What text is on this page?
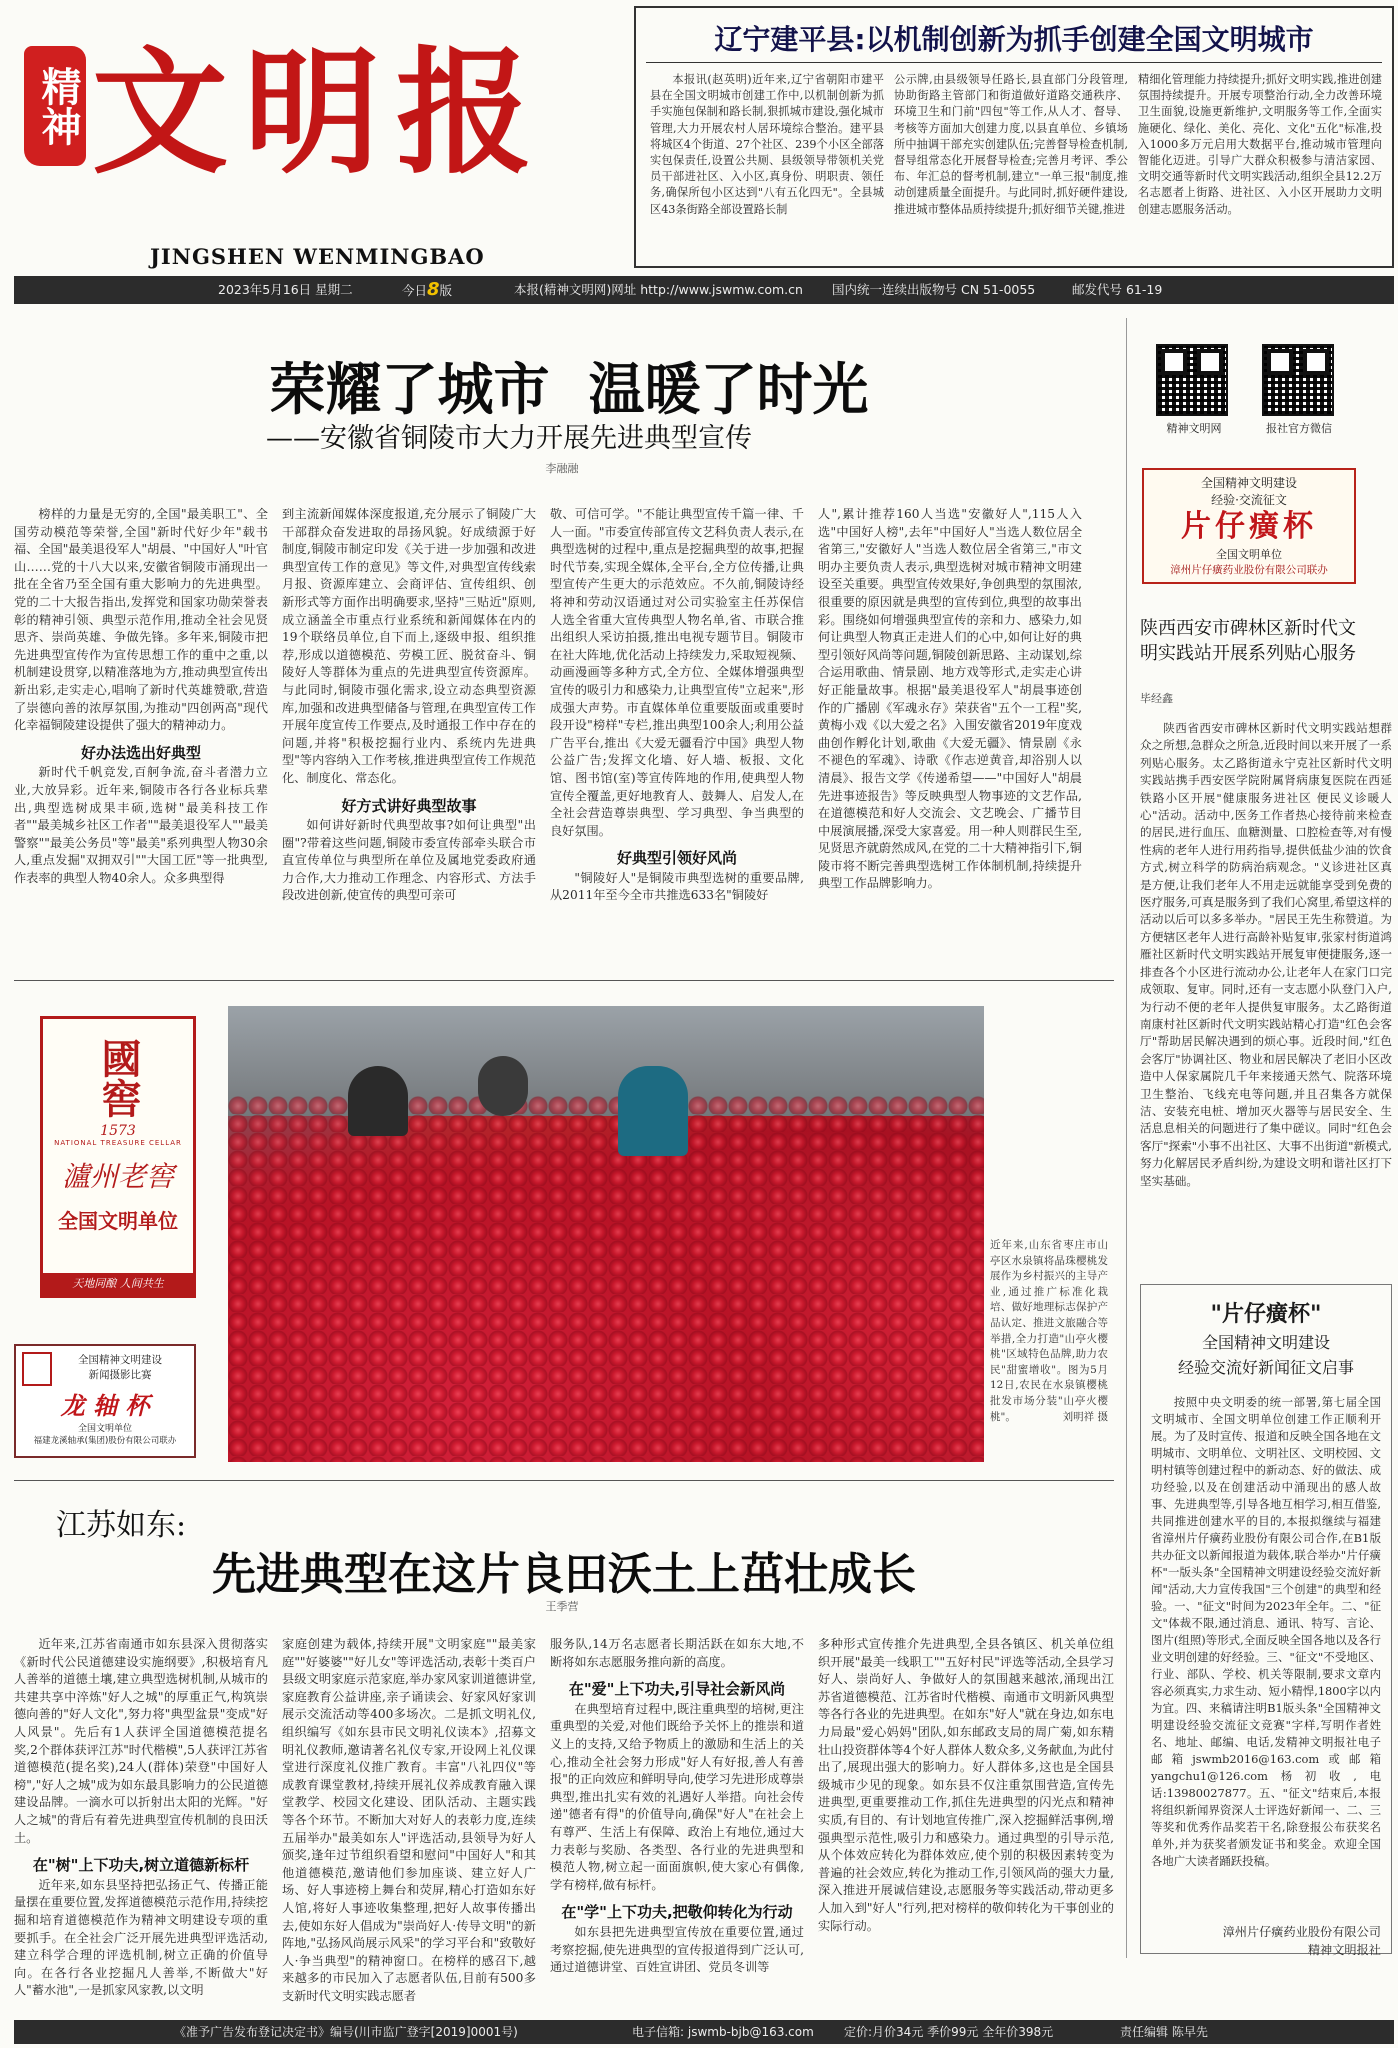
精神 文明报
JINGSHEN WENMINGBAO
辽宁建平县:以机制创新为抓手创建全国文明城市

本报讯(赵英明)近年来,辽宁省朝阳市建平县在全国文明城市创建工作中,以机制创新为抓手实施包保制和路长制,狠抓城市建设,强化城市管理,大力开展农村人居环境综合整治。建平县将城区4个街道、27个社区、239个小区全部落实包保责任,设置公共厕、县级领导带领机关党员干部进社区、入小区,真身份、明职责、领任务,确保所包小区达到"八有五化四无"。全县城区43条街路全部设置路长制

公示牌,由县级领导任路长,县直部门分段管理,协助街路主管部门和街道做好道路交通秩序、环境卫生和门前"四包"等工作,从人才、督导、考核等方面加大创建力度,以县直单位、乡镇场所中抽调干部充实创建队伍;完善督导检查机制,督导组常态化开展督导检查;完善月考评、季公布、年汇总的督考机制,建立"一单三报"制度,推动创建质量全面提升。与此同时,抓好硬件建设,推进城市整体品质持续提升;抓好细节关键,推进

精细化管理能力持续提升;抓好文明实践,推进创建氛围持续提升。开展专项整治行动,全力改善环境卫生面貌,设施更新维护,文明服务等工作,全面实施硬化、绿化、美化、亮化、文化"五化"标准,投入1000多万元启用大数据平台,推动城市管理向智能化迈进。引导广大群众积极参与清洁家园、文明交通等新时代文明实践活动,组织全县12.2万名志愿者上街路、进社区、入小区开展助力文明创建志愿服务活动。

2023年5月16日 星期二	今日8版	本报(精神文明网)网址 http://www.jswmw.com.cn 国内统一连续出版物号 CN 51-0055	邮发代号 61-19
精神文明网	报社官方微信
全国精神文明建设
经验·交流征文
片仔癀杯
全国文明单位
漳州片仔癀药业股份有限公司联办
陕西西安市碑林区新时代文明实践站开展系列贴心服务
毕经鑫

陕西省西安市碑林区新时代文明实践站想群众之所想,急群众之所急,近段时间以来开展了一系列贴心服务。太乙路街道永宁克社区新时代文明实践站携手西安医学院附属肾病康复医院在西延铁路小区开展"健康服务进社区 便民义诊暖人心"活动。活动中,医务工作者热心接待前来检查的居民,进行血压、血糖测量、口腔检查等,对有慢性病的老年人进行用药指导,提供低盐少油的饮食方式,树立科学的防病治病观念。"义诊进社区真是方便,让我们老年人不用走远就能享受到免费的医疗服务,可真是服务到了我们心窝里,希望这样的活动以后可以多多举办。"居民王先生称赞道。为方便辖区老年人进行高龄补贴复审,张家村街道鸿雁社区新时代文明实践站开展复审便捷服务,逐一排查各个小区进行流动办公,让老年人在家门口完成领取、复审。同时,还有一支志愿小队登门入户,为行动不便的老年人提供复审服务。太乙路街道南康村社区新时代文明实践站精心打造"红色会客厅"帮助居民解决遇到的烦心事。近段时间,"红色会客厅"协调社区、物业和居民解决了老旧小区改造中人保家属院几千年来接通天然气、院落环境卫生整治、飞线充电等问题,并且召集各方就保洁、安装充电桩、增加灭火器等与居民安全、生活息息相关的问题进行了集中磋议。同时"红色会客厅"探索"小事不出社区、大事不出街道"新模式,努力化解居民矛盾纠纷,为建设文明和谐社区打下坚实基础。

"片仔癀杯"
全国精神文明建设
经验交流好新闻征文启事

按照中央文明委的统一部署,第七届全国文明城市、全国文明单位创建工作正顺利开展。为了及时宣传、报道和反映全国各地在文明城市、文明单位、文明社区、文明校园、文明村镇等创建过程中的新动态、好的做法、成功经验,以及在创建活动中涌现出的感人故事、先进典型等,引导各地互相学习,相互借鉴,共同推进创建水平的目的,本报拟继续与福建省漳州片仔癀药业股份有限公司合作,在B1版共办征文以新闻报道为载体,联合举办"片仔癀杯"一版头条"全国精神文明建设经验交流好新闻"活动,大力宣传我国"三个创建"的典型和经验。一、"征文"时间为2023年全年。二、"征文"体裁不限,通过消息、通讯、特写、言论、图片(组照)等形式,全面反映全国各地以及各行业文明创建的好经验。三、"征文"不受地区、行业、部队、学校、机关等限制,要求文章内容必须真实,力求生动、短小精悍,1800字以内为宜。四、来稿请注明B1版头条"全国精神文明建设经验交流征文竞赛"字样,写明作者姓名、地址、邮编、电话,发精神文明报社电子邮箱jswmb2016@163.com或邮箱yangchu1@126.com杨初收,电话:13980027877。五、"征文"结束后,本报将组织新闻界资深人士评选好新闻一、二、三等奖和优秀作品奖若干名,除登报公布获奖名单外,并为获奖者颁发证书和奖金。欢迎全国各地广大读者踊跃投稿。

漳州片仔癀药业股份有限公司
精神文明报社
荣耀了城市  温暖了时光
——安徽省铜陵市大力开展先进典型宣传
李融融

榜样的力量是无穷的,全国"最美职工"、全国劳动模范等荣誉,全国"新时代好少年"载书福、全国"最美退役军人"胡晨、"中国好人"叶官山……党的十八大以来,安徽省铜陵市涌现出一批在全省乃至全国有重大影响力的先进典型。党的二十大报告指出,发挥党和国家功勋荣誉表彰的精神引领、典型示范作用,推动全社会见贤思齐、崇尚英雄、争做先锋。多年来,铜陵市把先进典型宣传作为宣传思想工作的重中之重,以机制建设贯穿,以精准落地为方,推动典型宣传出新出彩,走实走心,唱响了新时代英雄赞歌,营造了崇德向善的浓厚氛围,为推动"四创两高"现代化幸福铜陵建设提供了强大的精神动力。

好办法选出好典型

新时代千帆竞发,百舸争流,奋斗者潜力立业,大放异彩。近年来,铜陵市各行各业标兵辈出,典型选树成果丰硕,选树"最美科技工作者""最美城乡社区工作者""最美退役军人""最美警察""最美公务员"等"最美"系列典型人物30余人,重点发掘"双拥双引""大国工匠"等一批典型,作表率的典型人物40余人。众多典型得

到主流新闻媒体深度报道,充分展示了铜陵广大干部群众奋发进取的昂扬风貌。好成绩源于好制度,铜陵市制定印发《关于进一步加强和改进典型宣传工作的意见》等文件,对典型宣传线索月报、资源库建立、会商评估、宣传组织、创新形式等方面作出明确要求,坚持"三贴近"原则,成立涵盖全市重点行业系统和新闻媒体在内的19个联络员单位,自下而上,逐级申报、组织推荐,形成以道德模范、劳模工匠、脱贫奋斗、铜陵好人等群体为重点的先进典型宣传资源库。与此同时,铜陵市强化需求,设立动态典型资源库,加强和改进典型储备与管理,在典型宣传工作开展年度宣传工作要点,及时通报工作中存在的问题,并将"积极挖掘行业内、系统内先进典型"等内容纳入工作考核,推进典型宣传工作规范化、制度化、常态化。

好方式讲好典型故事

如何讲好新时代典型故事?如何让典型"出圈"?带着这些问题,铜陵市委宣传部牵头联合市直宣传单位与典型所在单位及属地党委政府通力合作,大力推动工作理念、内容形式、方法手段改进创新,使宣传的典型可亲可

敬、可信可学。"不能让典型宣传千篇一律、千人一面。"市委宣传部宣传文艺科负责人表示,在典型选树的过程中,重点是挖掘典型的故事,把握时代节奏,实现全媒体,全平台,全方位传播,让典型宣传产生更大的示范效应。不久前,铜陵诗经将神和劳动汉语通过对公司实验室主任苏保信人选全省重大宣传典型人物名单,省、市联合推出组织人采访拍摄,推出电视专题节目。铜陵市在社大阵地,优化活动上持续发力,采取短视频、动画漫画等多种方式,全方位、全媒体增强典型宣传的吸引力和感染力,让典型宣传"立起来",形成强大声势。市直媒体单位重要版面或重要时段开设"榜样"专栏,推出典型100余人;利用公益广告平台,推出《大爱无疆看泞中国》典型人物公益广告;发挥文化墙、好人墙、板报、文化馆、图书馆(室)等宣传阵地的作用,使典型人物宣传全覆盖,更好地教育人、鼓舞人、启发人,在全社会营造尊崇典型、学习典型、争当典型的良好氛围。

好典型引领好风尚

"铜陵好人"是铜陵市典型选树的重要品牌,从2011年至今全市共推选633名"铜陵好

人",累计推荐160人当选"安徽好人",115人入选"中国好人榜",去年"中国好人"当选人数位居全省第三,"安徽好人"当选人数位居全省第三,"市文明办主要负责人表示,典型选树对城市精神文明建设至关重要。典型宣传效果好,争创典型的氛围浓,很重要的原因就是典型的宣传到位,典型的故事出彩。围绕如何增强典型宣传的亲和力、感染力,如何让典型人物真正走进人们的心中,如何让好的典型引领好风尚等问题,铜陵创新思路、主动谋划,综合运用歌曲、情景剧、地方戏等形式,走实走心讲好正能量故事。根据"最美退役军人"胡晨事迹创作的广播剧《军魂永存》荣获省"五个一工程"奖,黄梅小戏《以大爱之名》入围安徽省2019年度戏曲创作孵化计划,歌曲《大爱无疆》、情景剧《永不褪色的军魂》、诗歌《作志逆黄音,却浴别人以清晨》、报告文学《传递希望——"中国好人"胡晨先进事迹报告》等反映典型人物事迹的文艺作品,在道德模范和好人交流会、文艺晚会、广播节目中展演展播,深受大家喜爱。用一种人则群民生至,见贤思齐就蔚然成风,在党的二十大精神指引下,铜陵市将不断完善典型选树工作体制机制,持续提升典型工作品牌影响力。

國窖
1573
NATIONAL TREASURE CELLAR
瀘州老窖
全国文明单位
天地同酿 人间共生
全国精神文明建设
新闻摄影比赛
龙 轴 杯
全国文明单位
福建龙溪轴承(集团)股份有限公司联办
近年来,山东省枣庄市山亭区水泉镇将晶珠樱桃发展作为乡村振兴的主导产业,通过推广标准化栽培、做好地理标志保护产品认定、推进文旅融合等举措,全力打造"山亭火樱桃"区域特色品牌,助力农民"甜蜜增收"。图为5月12日,农民在水泉镇樱桃批发市场分装"山亭火樱桃"。	刘明祥 摄
江苏如东:
先进典型在这片良田沃土上茁壮成长
王季营

近年来,江苏省南通市如东县深入贯彻落实《新时代公民道德建设实施纲要》,积极培育凡人善举的道德土壤,建立典型选树机制,从城市的共建共享中淬炼"好人之城"的厚重正气,构筑崇德向善的"好人文化",努力将"典型盆景"变成"好人风景"。先后有1人获评全国道德模范提名奖,2个群体获评江苏"时代楷模",5人获评江苏省道德模范(提名奖),24人(群体)荣登"中国好人榜","好人之城"成为如东最具影响力的公民道德建设品牌。一滴水可以折射出太阳的光辉。"好人之城"的背后有着先进典型宣传机制的良田沃土。

在"树"上下功夫,树立道德新标杆

近年来,如东县坚持把弘扬正气、传播正能量摆在重要位置,发挥道德模范示范作用,持续挖掘和培育道德模范作为精神文明建设专项的重要抓手。在全社会广泛开展先进典型评选活动,建立科学合理的评选机制,树立正确的价值导向。在各行各业挖掘凡人善举,不断做大"好人"蓄水池",一是抓家风家教,以文明

家庭创建为载体,持续开展"文明家庭""最美家庭""好婆婆""好儿女"等评选活动,表彰十类百户县级文明家庭示范家庭,举办家风家训道德讲堂,家庭教育公益讲座,亲子诵读会、好家风好家训展示交流活动等400多场次。二是抓文明礼仪,组织编写《如东县市民文明礼仪读本》,招募文明礼仪教师,邀请著名礼仪专家,开设网上礼仪课堂进行深度礼仪推广教育。丰富"八礼四仪"等成教育课堂教材,持续开展礼仪养成教育融入课堂教学、校园文化建设、团队活动、主题实践等各个环节。不断加大对好人的表彰力度,连续五届举办"最美如东人"评选活动,县领导为好人颁奖,逢年过节组织看望和慰问"中国好人"和其他道德模范,邀请他们参加座谈、建立好人广场、好人事迹榜上舞台和荧屏,精心打造如东好人馆,将好人事迹收集整理,把好人故事传播出去,使如东好人倡成为"崇尚好人·传导文明"的新阵地,"弘扬风尚展示风采"的学习平台和"致敬好人·争当典型"的精神窗口。在榜样的感召下,越来越多的市民加入了志愿者队伍,目前有500多支新时代文明实践志愿者

服务队,14万名志愿者长期活跃在如东大地,不断将如东志愿服务推向新的高度。

在"爱"上下功夫,引导社会新风尚

在典型培育过程中,既注重典型的培树,更注重典型的关爱,对他们既给予关怀上的推崇和道义上的支持,又给予物质上的激励和生活上的关心,推动全社会努力形成"好人有好报,善人有善报"的正向效应和鲜明导向,使学习先进形成尊崇典型,推出扎实有效的礼遇好人举措。向社会传递"德者有得"的价值导向,确保"好人"在社会上有尊严、生活上有保障、政治上有地位,通过大力表彰与奖励、各类型、各行业的先进典型和模范人物,树立起一面面旗帜,使大家心有偶像,学有榜样,做有标杆。

在"学"上下功夫,把敬仰转化为行动

如东县把先进典型宣传放在重要位置,通过考察挖掘,使先进典型的宣传报道得到广泛认可,通过道德讲堂、百姓宣讲团、党员冬训等

多种形式宣传推介先进典型,全县各镇区、机关单位组织开展"最美一线职工""五好村民"评选等活动,全县学习好人、崇尚好人、争做好人的氛围越来越浓,涌现出江苏省道德模范、江苏省时代楷模、南通市文明新风典型等各行各业的先进典型。在如东"好人"就在身边,如东电力局最"爱心妈妈"团队,如东邮政支局的周广菊,如东精壮山投资群体等4个好人群体人数众多,义务献血,为此付出了,展现出强大的影响力。好人群体多,这也是全国县级城市少见的现象。如东县不仅注重氛围营造,宣传先进典型,更重要推动工作,抓住先进典型的闪光点和精神实质,有目的、有计划地宣传推广,深入挖掘鲜活事例,增强典型示范性,吸引力和感染力。通过典型的引导示范,从个体效应转化为群体效应,使个别的积极因素转变为普遍的社会效应,转化为推动工作,引领风尚的强大力量,深入推进开展诚信建设,志愿服务等实践活动,带动更多人加入到"好人"行列,把对榜样的敬仰转化为干事创业的实际行动。

《准予广告发布登记决定书》编号(川市监广登字[2019]0001号)	电子信箱: jswmb-bjb@163.com	定价:月价34元 季价99元 全年价398元	责任编辑 陈早先
